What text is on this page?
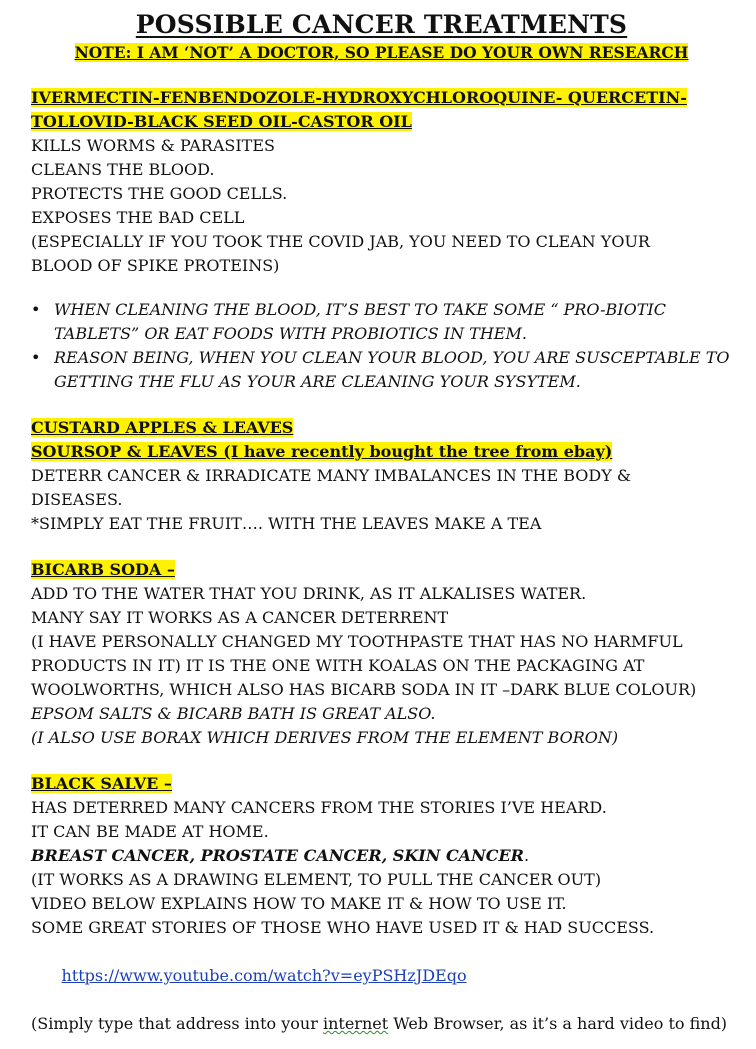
POSSIBLE CANCER TREATMENTS
NOTE: I AM ‘NOT’ A DOCTOR, SO PLEASE DO YOUR OWN RESEARCH
IVERMECTIN-FENBENDOZOLE-HYDROXYCHLOROQUINE- QUERCETIN-
TOLLOVID-BLACK SEED OIL-CASTOR OIL

KILLS WORMS & PARASITES

CLEANS THE BLOOD.

PROTECTS THE GOOD CELLS.

EXPOSES THE BAD CELL

(ESPECIALLY IF YOU TOOK THE COVID JAB, YOU NEED TO CLEAN YOUR

BLOOD OF SPIKE PROTEINS)

• WHEN CLEANING THE BLOOD, IT’S BEST TO TAKE SOME “ PRO-BIOTIC TABLETS” OR EAT FOODS WITH PROBIOTICS IN THEM.
• REASON BEING, WHEN YOU CLEAN YOUR BLOOD, YOU ARE SUSCEPTABLE TO GETTING THE FLU AS YOUR ARE CLEANING YOUR SYSYTEM.
CUSTARD APPLES & LEAVES
SOURSOP & LEAVES (I have recently bought the tree from ebay)

DETERR CANCER & IRRADICATE MANY IMBALANCES IN THE BODY &

DISEASES.

*SIMPLY EAT THE FRUIT…. WITH THE LEAVES MAKE A TEA

BICARB SODA –

ADD TO THE WATER THAT YOU DRINK, AS IT ALKALISES WATER.

MANY SAY IT WORKS AS A CANCER DETERRENT

(I HAVE PERSONALLY CHANGED MY TOOTHPASTE THAT HAS NO HARMFUL

PRODUCTS IN IT) IT IS THE ONE WITH KOALAS ON THE PACKAGING AT

WOOLWORTHS, WHICH ALSO HAS BICARB SODA IN IT –DARK BLUE COLOUR)

EPSOM SALTS & BICARB BATH IS GREAT ALSO.

(I ALSO USE BORAX WHICH DERIVES FROM THE ELEMENT BORON)

BLACK SALVE –

HAS DETERRED MANY CANCERS FROM THE STORIES I’VE HEARD.

IT CAN BE MADE AT HOME.

BREAST CANCER, PROSTATE CANCER, SKIN CANCER.

(IT WORKS AS A DRAWING ELEMENT, TO PULL THE CANCER OUT)

VIDEO BELOW EXPLAINS HOW TO MAKE IT & HOW TO USE IT.

SOME GREAT STORIES OF THOSE WHO HAVE USED IT & HAD SUCCESS.

https://www.youtube.com/watch?v=eyPSHzJDEqo

(Simply type that address into your internet Web Browser, as it’s a hard video to find)
